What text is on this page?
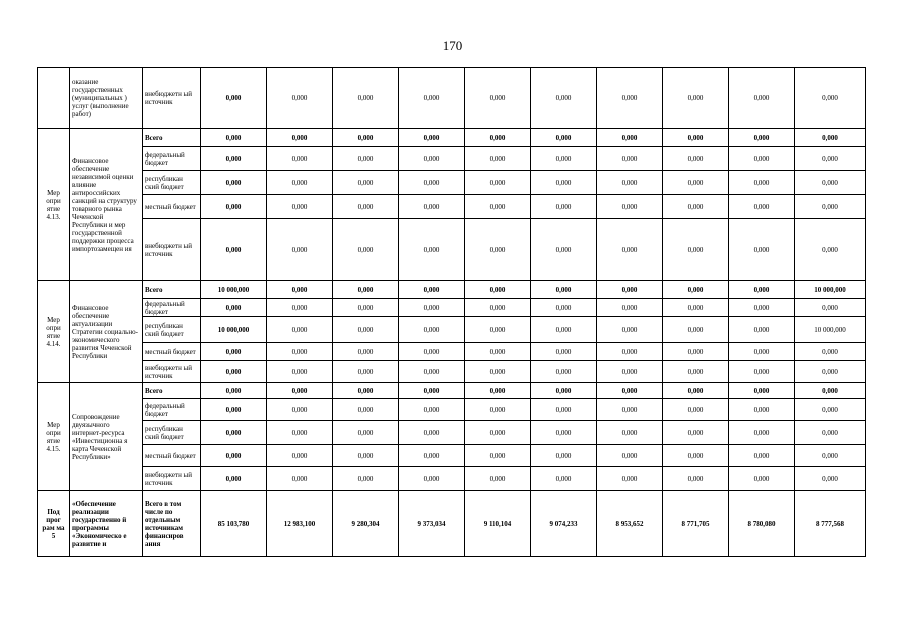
170
	оказание государственных (муниципальных ) услуг (выполнение работ)	внебюджетн ый источник	0,000	0,000	0,000	0,000	0,000	0,000	0,000	0,000	0,000	0,000
Мер опри ятие 4.13.	Финансовое обеспечение независимой оценки влияние антироссийских санкций на структуру товарного рынка Чеченской Республики и мер государственной поддержки процесса импортозамещен ия	Всего	0,000	0,000	0,000	0,000	0,000	0,000	0,000	0,000	0,000	0,000
		федеральный бюджет	0,000	0,000	0,000	0,000	0,000	0,000	0,000	0,000	0,000	0,000
		республикан ский бюджет	0,000	0,000	0,000	0,000	0,000	0,000	0,000	0,000	0,000	0,000
		местный бюджет	0,000	0,000	0,000	0,000	0,000	0,000	0,000	0,000	0,000	0,000
		внебюджетн ый источник	0,000	0,000	0,000	0,000	0,000	0,000	0,000	0,000	0,000	0,000
Мер опри ятие 4.14.	Финансовое обеспечение актуализации Стратегии социально-экономического развития Чеченской Республики	Всего	10 000,000	0,000	0,000	0,000	0,000	0,000	0,000	0,000	0,000	10 000,000
		федеральный бюджет	0,000	0,000	0,000	0,000	0,000	0,000	0,000	0,000	0,000	0,000
		республикан ский бюджет	10 000,000	0,000	0,000	0,000	0,000	0,000	0,000	0,000	0,000	10 000,000
		местный бюджет	0,000	0,000	0,000	0,000	0,000	0,000	0,000	0,000	0,000	0,000
		внебюджетн ый источник	0,000	0,000	0,000	0,000	0,000	0,000	0,000	0,000	0,000	0,000
Мер опри ятие 4.15.	Сопровождение двуязычного интернет-ресурса «Инвестиционна я карта Чеченской Республики»	Всего	0,000	0,000	0,000	0,000	0,000	0,000	0,000	0,000	0,000	0,000
		федеральный бюджет	0,000	0,000	0,000	0,000	0,000	0,000	0,000	0,000	0,000	0,000
		республикан ский бюджет	0,000	0,000	0,000	0,000	0,000	0,000	0,000	0,000	0,000	0,000
		местный бюджет	0,000	0,000	0,000	0,000	0,000	0,000	0,000	0,000	0,000	0,000
		внебюджетн ый источник	0,000	0,000	0,000	0,000	0,000	0,000	0,000	0,000	0,000	0,000
Под прог рам ма 5	«Обеспечение реализации государственно й программы «Экономическо е развитие и	Всего в том числе по отдельным источникам финансиров ания	85 103,780	12 983,100	9 280,304	9 373,034	9 110,104	9 074,233	8 953,652	8 771,705	8 780,080	8 777,568
